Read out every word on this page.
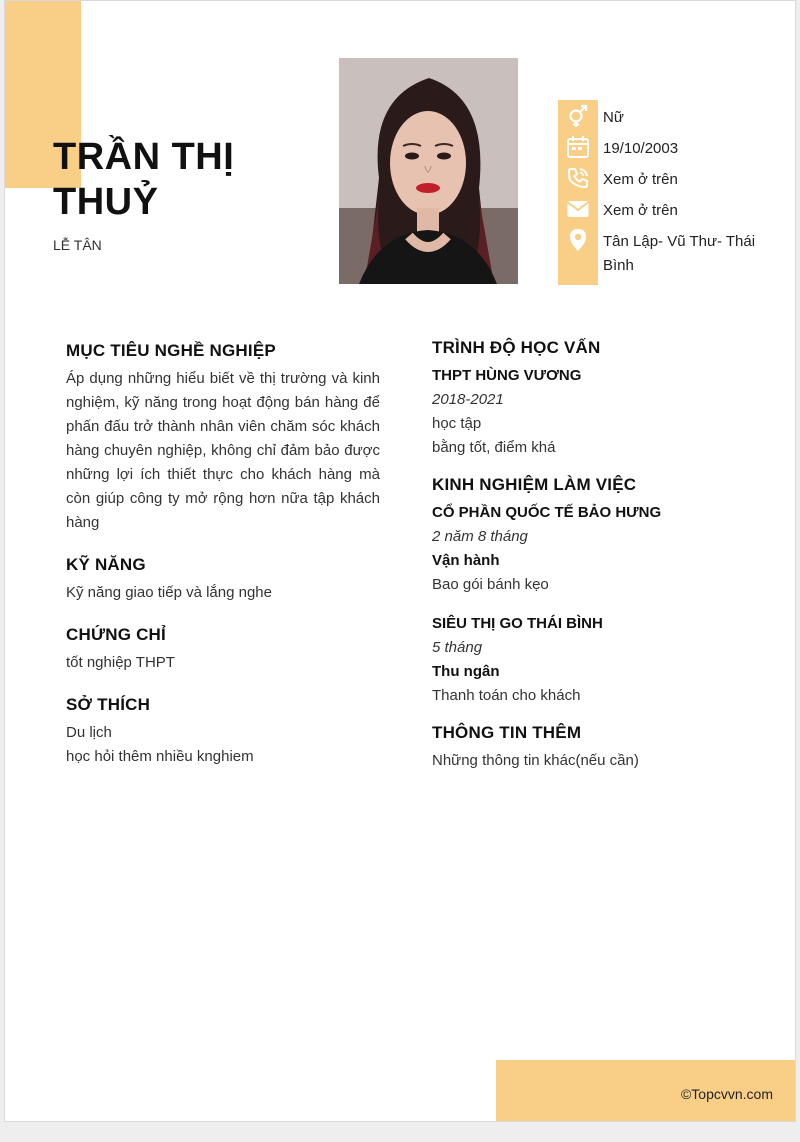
TRẦN THỊ THUỶ
LỄ TÂN
Nữ
19/10/2003
Xem ở trên
Xem ở trên
Tân Lập- Vũ Thư- Thái Bình
MỤC TIÊU NGHỀ NGHIỆP
Áp dụng những hiểu biết về thị trường và kinh nghiệm, kỹ năng trong hoạt động bán hàng để phấn đấu trở thành nhân viên chăm sóc khách hàng chuyên nghiệp, không chỉ đảm bảo được những lợi ích thiết thực cho khách hàng mà còn giúp công ty mở rộng hơn nữa tập khách hàng
KỸ NĂNG
Kỹ năng giao tiếp và lắng nghe
CHỨNG CHỈ
tốt nghiệp THPT
SỞ THÍCH
Du lịch
học hỏi thêm nhiều knghiem
TRÌNH ĐỘ HỌC VẤN
THPT HÙNG VƯƠNG
2018-2021
học tập
bằng tốt, điểm khá
KINH NGHIỆM LÀM VIỆC
CỔ PHẦN QUỐC TẾ BẢO HƯNG
2 năm 8 tháng
Vận hành
Bao gói bánh kẹo
SIÊU THỊ GO THÁI BÌNH
5 tháng
Thu ngân
Thanh toán cho khách
THÔNG TIN THÊM
Những thông tin khác(nếu cần)
©Topcvvn.com
